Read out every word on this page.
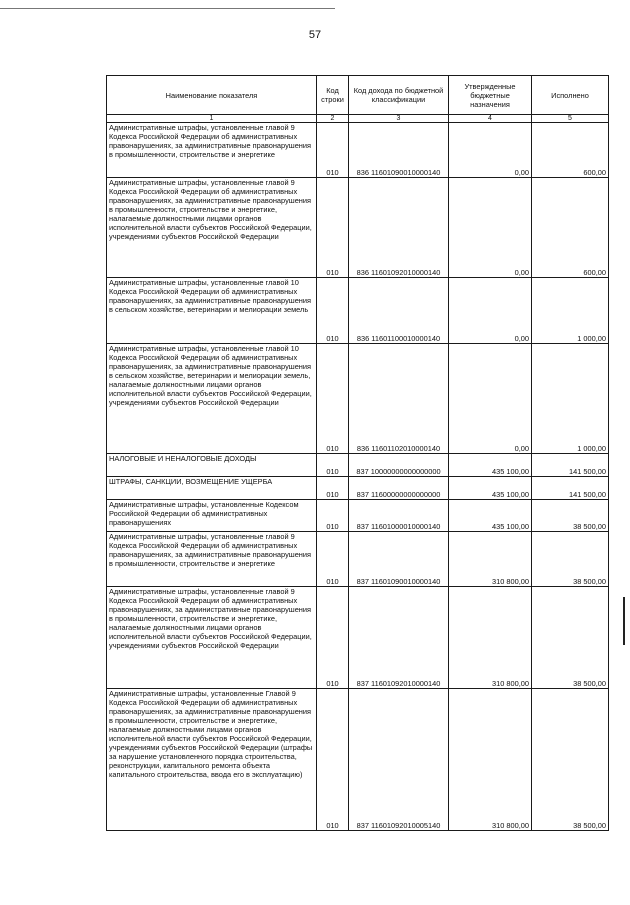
57
Наименование показателя	Код строки	Код дохода по бюджетной классификации	Утвержденные бюджетные назначения	Исполнено
1	2	3	4	5
Административные штрафы, установленные главой 9 Кодекса Российской Федерации об административных правонарушениях, за административные правонарушения в промышленности, строительстве и энергетике	010	836 11601090010000140	0,00	600,00
Административные штрафы, установленные главой 9 Кодекса Российской Федерации об административных правонарушениях, за административные правонарушения в промышленности, строительстве и энергетике, налагаемые должностными лицами органов исполнительной власти субъектов Российской Федерации, учреждениями субъектов Российской Федерации	010	836 11601092010000140	0,00	600,00
Административные штрафы, установленные главой 10 Кодекса Российской Федерации об административных правонарушениях, за административные правонарушения в сельском хозяйстве, ветеринарии и мелиорации земель	010	836 11601100010000140	0,00	1 000,00
Административные штрафы, установленные главой 10 Кодекса Российской Федерации об административных правонарушениях, за административные правонарушения в сельском хозяйстве, ветеринарии и мелиорации земель, налагаемые должностными лицами органов исполнительной власти субъектов Российской Федерации, учреждениями субъектов Российской Федерации	010	836 11601102010000140	0,00	1 000,00
НАЛОГОВЫЕ И НЕНАЛОГОВЫЕ ДОХОДЫ	010	837 10000000000000000	435 100,00	141 500,00
ШТРАФЫ, САНКЦИИ, ВОЗМЕЩЕНИЕ УЩЕРБА	010	837 11600000000000000	435 100,00	141 500,00
Административные штрафы, установленные Кодексом Российской Федерации об административных правонарушениях	010	837 11601000010000140	435 100,00	38 500,00
Административные штрафы, установленные главой 9 Кодекса Российской Федерации об административных правонарушениях, за административные правонарушения в промышленности, строительстве и энергетике	010	837 11601090010000140	310 800,00	38 500,00
Административные штрафы, установленные главой 9 Кодекса Российской Федерации об административных правонарушениях, за административные правонарушения в промышленности, строительстве и энергетике, налагаемые должностными лицами органов исполнительной власти субъектов Российской Федерации, учреждениями субъектов Российской Федерации	010	837 11601092010000140	310 800,00	38 500,00
Административные штрафы, установленные Главой 9 Кодекса Российской Федерации об административных правонарушениях, за административные правонарушения в промышленности, строительстве и энергетике, налагаемые должностными лицами органов исполнительной власти субъектов Российской Федерации, учреждениями субъектов Российской Федерации (штрафы за нарушение установленного порядка строительства, реконструкции, капитального ремонта объекта капитального строительства, ввода его в эксплуатацию)	010	837 11601092010005140	310 800,00	38 500,00
